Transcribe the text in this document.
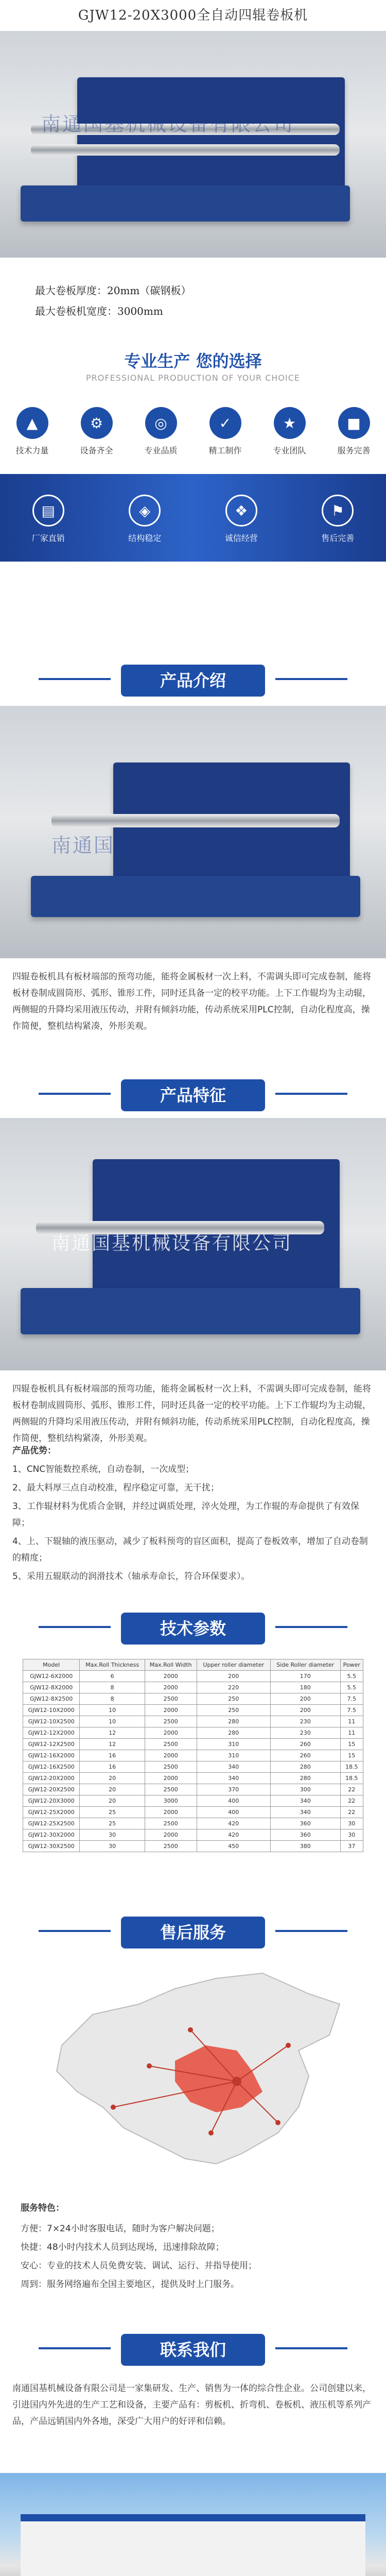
GJW12-20X3000全自动四辊卷板机
南通国基机械设备有限公司
最大卷板厚度：20mm（碳钢板）
最大卷板机宽度：3000mm
专业生产 您的选择
PROFESSIONAL PRODUCTION OF YOUR CHOICE
▲
技术力量
⚙
设备齐全
◎
专业品质
✓
精工制作
★
专业团队
■
服务完善
▤
厂家直销
◈
结构稳定
❖
诚信经营
⚑
售后完善
产品介绍
南通国基机械设备有限公司
四辊卷板机具有板材端部的预弯功能，能将金属板材一次上料，不需调头即可完成卷制，能将板材卷制成圆筒形、弧形、锥形工件，同时还具备一定的校平功能。上下工作辊均为主动辊，两侧辊的升降均采用液压传动，并附有倾斜功能，传动系统采用PLC控制，自动化程度高，操作简便，整机结构紧凑，外形美观。
产品特征
南通国基机械设备有限公司
四辊卷板机具有板材端部的预弯功能，能将金属板材一次上料，不需调头即可完成卷制，能将板材卷制成圆筒形、弧形、锥形工件，同时还具备一定的校平功能。上下工作辊均为主动辊，两侧辊的升降均采用液压传动，并附有倾斜功能，传动系统采用PLC控制，自动化程度高，操作简便，整机结构紧凑，外形美观。
产品优势：
1、CNC智能数控系统，自动卷制，一次成型；
2、最大料厚三点自动校准，程序稳定可靠，无干扰；
3、工作辊材料为优质合金钢，并经过调质处理，淬火处理，为工作辊的寿命提供了有效保障；
4、上、下辊轴的液压驱动，减少了板料预弯的盲区面积，提高了卷板效率，增加了自动卷制的精度；
5、采用五辊联动的润滑技术（轴承寿命长，符合环保要求）。
技术参数
Model	Max.Roll Thickness	Max.Roll Width	Upper roller diameter	Side Roller diameter	Power
GJW12-6X2000	6	2000	200	170	5.5
GJW12-8X2000	8	2000	220	180	5.5
GJW12-8X2500	8	2500	250	200	7.5
GJW12-10X2000	10	2000	250	200	7.5
GJW12-10X2500	10	2500	280	230	11
GJW12-12X2000	12	2000	280	230	11
GJW12-12X2500	12	2500	310	260	15
GJW12-16X2000	16	2000	310	260	15
GJW12-16X2500	16	2500	340	280	18.5
GJW12-20X2000	20	2000	340	280	18.5
GJW12-20X2500	20	2500	370	300	22
GJW12-20X3000	20	3000	400	340	22
GJW12-25X2000	25	2000	400	340	22
GJW12-25X2500	25	2500	420	360	30
GJW12-30X2000	30	2000	420	360	30
GJW12-30X2500	30	2500	450	380	37
售后服务
服务特色：
方便：7×24小时客服电话，随时为客户解决问题；
快捷：48小时内技术人员到达现场，迅速排除故障；
安心：专业的技术人员免费安装、调试、运行、并指导使用；
周到：服务网络遍布全国主要地区，提供及时上门服务。
联系我们
南通国基机械设备有限公司是一家集研发、生产、销售为一体的综合性企业。公司创建以来，引进国内外先进的生产工艺和设备，主要产品有：剪板机、折弯机、卷板机、液压机等系列产品，产品远销国内外各地，深受广大用户的好评和信赖。
